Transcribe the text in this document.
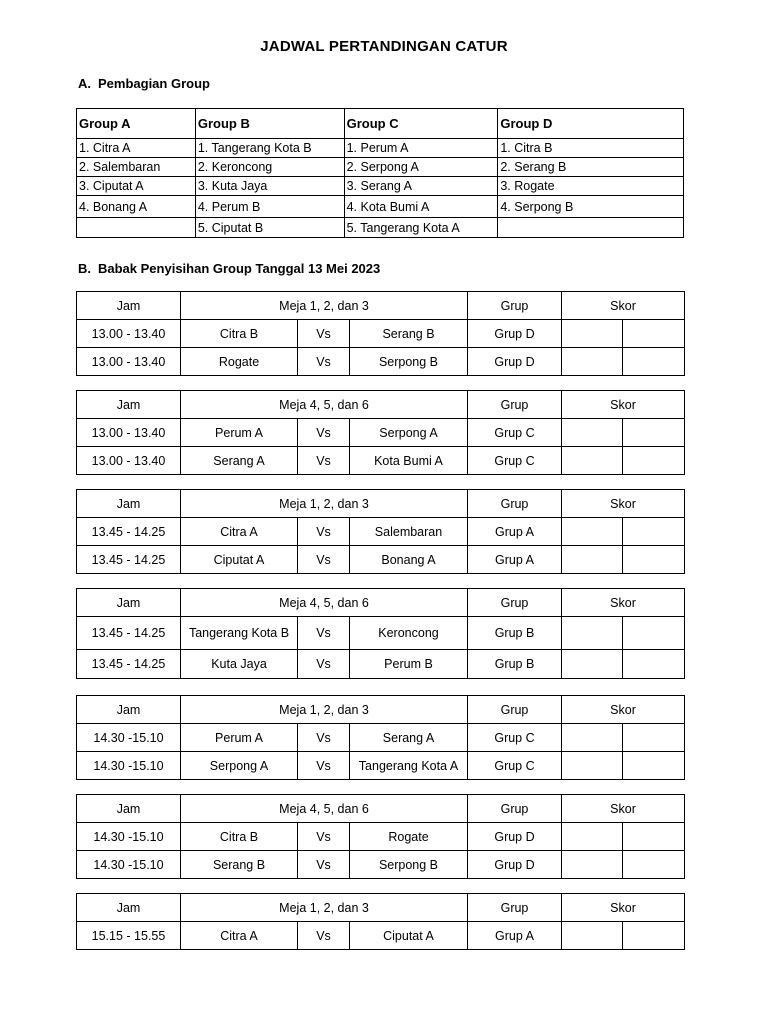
JADWAL PERTANDINGAN CATUR
A. Pembagian Group
Group A	Group B	Group C	Group D
1. Citra A	1. Tangerang Kota B	1. Perum A	1. Citra B
2. Salembaran	2. Keroncong	2. Serpong A	2. Serang B
3. Ciputat A	3. Kuta Jaya	3. Serang A	3. Rogate
4. Bonang A	4. Perum B	4. Kota Bumi A	4. Serpong B
	5. Ciputat B	5. Tangerang Kota A	
B. Babak Penyisihan Group Tanggal 13 Mei 2023
Jam	Meja 1, 2, dan 3			Grup	Skor	
13.00 - 13.40	Citra B	Vs	Serang B	Grup D		
13.00 - 13.40	Rogate	Vs	Serpong B	Grup D		
Jam	Meja 4, 5, dan 6			Grup	Skor	
13.00 - 13.40	Perum A	Vs	Serpong A	Grup C		
13.00 - 13.40	Serang A	Vs	Kota Bumi A	Grup C		
Jam	Meja 1, 2, dan 3			Grup	Skor	
13.45 - 14.25	Citra A	Vs	Salembaran	Grup A		
13.45 - 14.25	Ciputat A	Vs	Bonang A	Grup A		
Jam	Meja 4, 5, dan 6			Grup	Skor	
13.45 - 14.25	Tangerang Kota B	Vs	Keroncong	Grup B		
13.45 - 14.25	Kuta Jaya	Vs	Perum B	Grup B		
Jam	Meja 1, 2, dan 3			Grup	Skor	
14.30 -15.10	Perum A	Vs	Serang A	Grup C		
14.30 -15.10	Serpong A	Vs	Tangerang Kota A	Grup C		
Jam	Meja 4, 5, dan 6			Grup	Skor	
14.30 -15.10	Citra B	Vs	Rogate	Grup D		
14.30 -15.10	Serang B	Vs	Serpong B	Grup D		
Jam	Meja 1, 2, dan 3			Grup	Skor	
15.15 - 15.55	Citra A	Vs	Ciputat A	Grup A		
